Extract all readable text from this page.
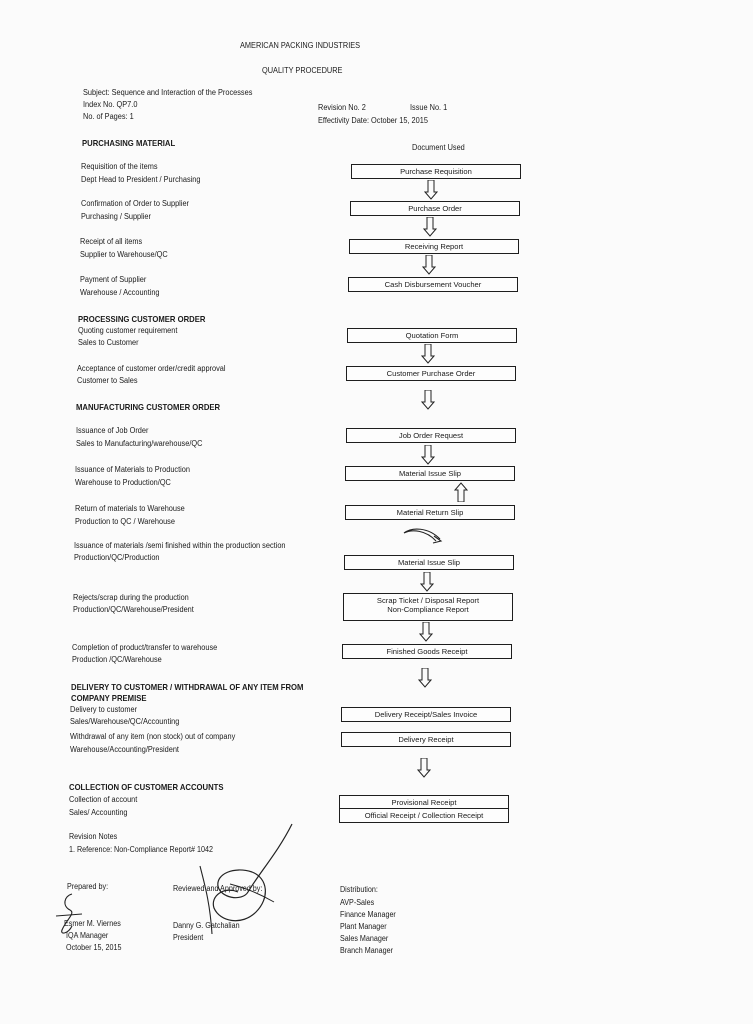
AMERICAN PACKING INDUSTRIES
QUALITY PROCEDURE
Subject: Sequence and Interaction of the Processes
Index No. QP7.0
No. of Pages: 1
Revision No. 2	Issue No. 1
Effectivity Date: October 15, 2015
Document Used
PURCHASING MATERIAL
PROCESSING CUSTOMER ORDER
MANUFACTURING CUSTOMER ORDER
DELIVERY TO CUSTOMER / WITHDRAWAL OF ANY ITEM FROM
COMPANY PREMISE
COLLECTION OF CUSTOMER ACCOUNTS
Requisition of the items
Dept Head to President / Purchasing
Confirmation of Order to Supplier
Purchasing / Supplier
Receipt of all items
Supplier to Warehouse/QC
Payment of Supplier
Warehouse / Accounting
Quoting customer requirement
Sales to Customer
Acceptance of customer order/credit approval
Customer to Sales
Issuance of Job Order
Sales to Manufacturing/warehouse/QC
Issuance of Materials to Production
Warehouse to Production/QC
Return of materials to Warehouse
Production to QC / Warehouse
Issuance of materials /semi finished within the production section
Production/QC/Production
Rejects/scrap during the production
Production/QC/Warehouse/President
Completion of product/transfer to warehouse
Production /QC/Warehouse
Delivery to customer
Sales/Warehouse/QC/Accounting
Withdrawal of any item (non stock) out of company
Warehouse/Accounting/President
Collection of account
Sales/ Accounting
Purchase Requisition
Purchase Order
Receiving Report
Cash Disbursement Voucher
Quotation Form
Customer Purchase Order
Job Order Request
Material Issue Slip
Material Return Slip
Material Issue Slip
Scrap Ticket / Disposal Report
Non-Compliance Report
Finished Goods Receipt
Delivery Receipt/Sales Invoice
Delivery Receipt
Provisional Receipt
Official Receipt / Collection Receipt
Revision Notes
1. Reference: Non-Compliance Report# 1042
Prepared by:
Esmer M. Viernes
IQA Manager
October 15, 2015
Reviewed and Approved by:
Danny G. Gatchalian
President
Distribution:
AVP-Sales
Finance Manager
Plant Manager
Sales Manager
Branch Manager
